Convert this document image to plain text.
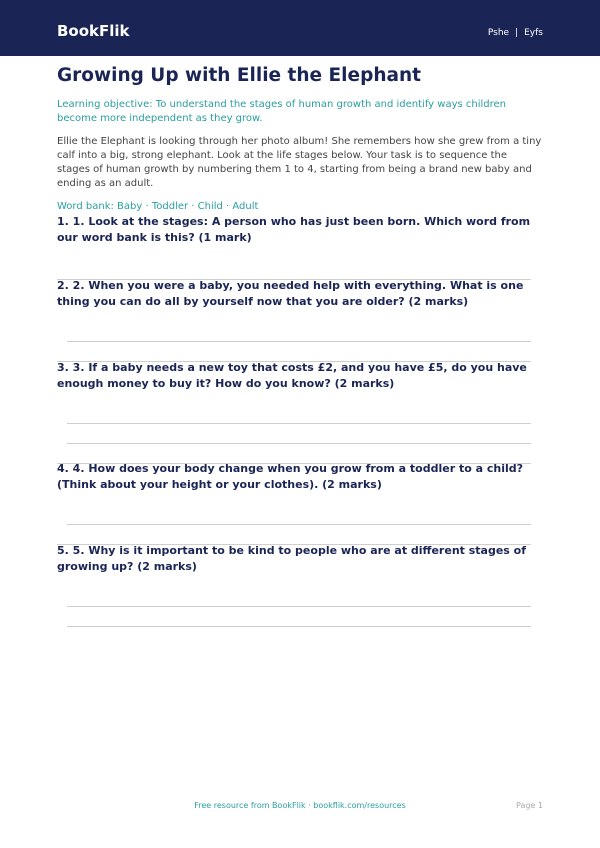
BookFlik	Pshe | Eyfs
Growing Up with Ellie the Elephant

Learning objective: To understand the stages of human growth and identify ways children become more independent as they grow.

Ellie the Elephant is looking through her photo album! She remembers how she grew from a tiny calf into a big, strong elephant. Look at the life stages below. Your task is to sequence the stages of human growth by numbering them 1 to 4, starting from being a brand new baby and ending as an adult.

Word bank: Baby · Toddler · Child · Adult

1. 1. Look at the stages: A person who has just been born. Which word from our word bank is this? (1 mark)
2. 2. When you were a baby, you needed help with everything. What is one thing you can do all by yourself now that you are older? (2 marks)
3. 3. If a baby needs a new toy that costs £2, and you have £5, do you have enough money to buy it? How do you know? (2 marks)
4. 4. How does your body change when you grow from a toddler to a child? (Think about your height or your clothes). (2 marks)
5. 5. Why is it important to be kind to people who are at different stages of growing up? (2 marks)
Free resource from BookFlik · bookflik.com/resources	Page 1
